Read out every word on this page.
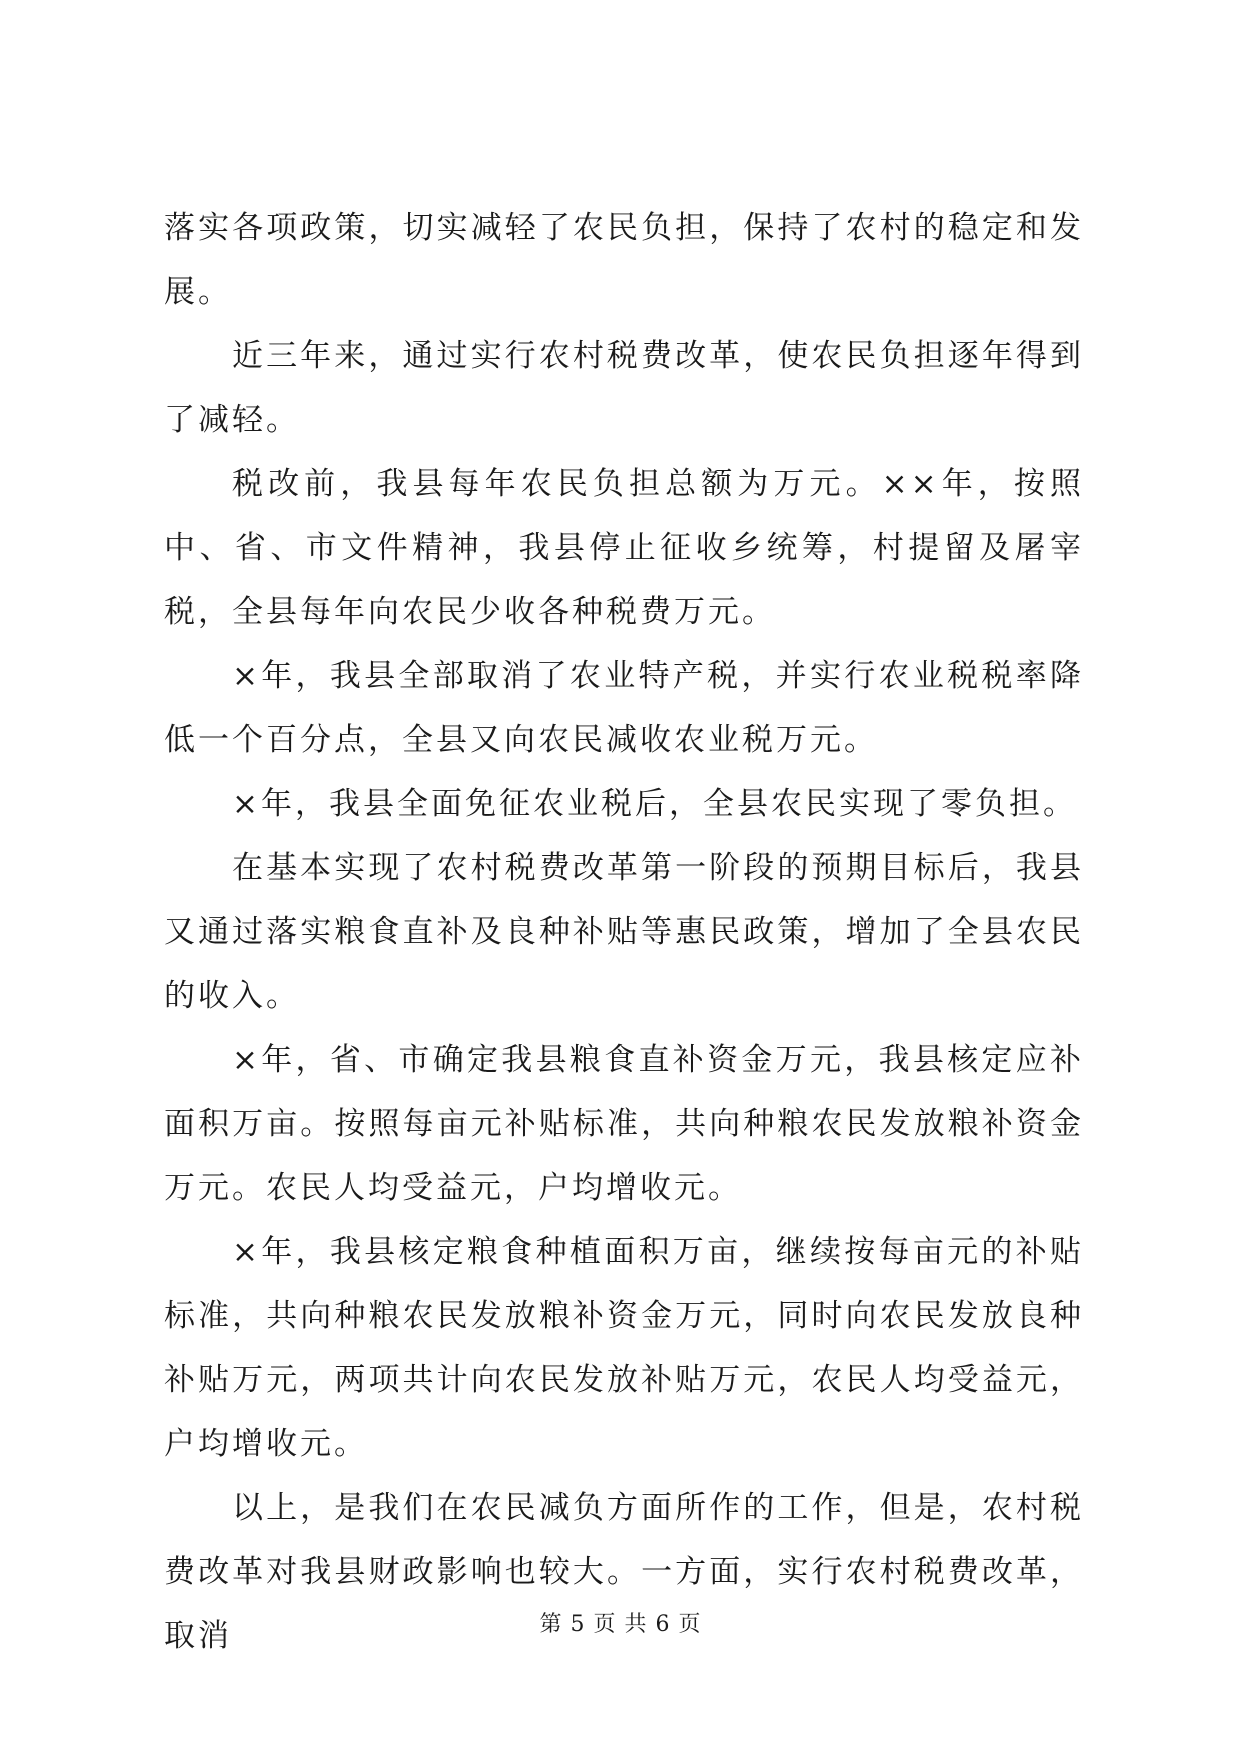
落实各项政策，切实减轻了农民负担，保持了农村的稳定和发展。

近三年来，通过实行农村税费改革，使农民负担逐年得到了减轻。

税改前，我县每年农民负担总额为万元。××年，按照中、省、市文件精神，我县停止征收乡统筹，村提留及屠宰税，全县每年向农民少收各种税费万元。

×年，我县全部取消了农业特产税，并实行农业税税率降低一个百分点，全县又向农民减收农业税万元。

×年，我县全面免征农业税后，全县农民实现了零负担。

在基本实现了农村税费改革第一阶段的预期目标后，我县又通过落实粮食直补及良种补贴等惠民政策，增加了全县农民的收入。

×年，省、市确定我县粮食直补资金万元，我县核定应补面积万亩。按照每亩元补贴标准，共向种粮农民发放粮补资金万元。农民人均受益元，户均增收元。

×年，我县核定粮食种植面积万亩，继续按每亩元的补贴标准，共向种粮农民发放粮补资金万元，同时向农民发放良种补贴万元，两项共计向农民发放补贴万元，农民人均受益元，户均增收元。

以上，是我们在农民减负方面所作的工作，但是，农村税费改革对我县财政影响也较大。一方面，实行农村税费改革，取消	第 5 页 共 6 页
